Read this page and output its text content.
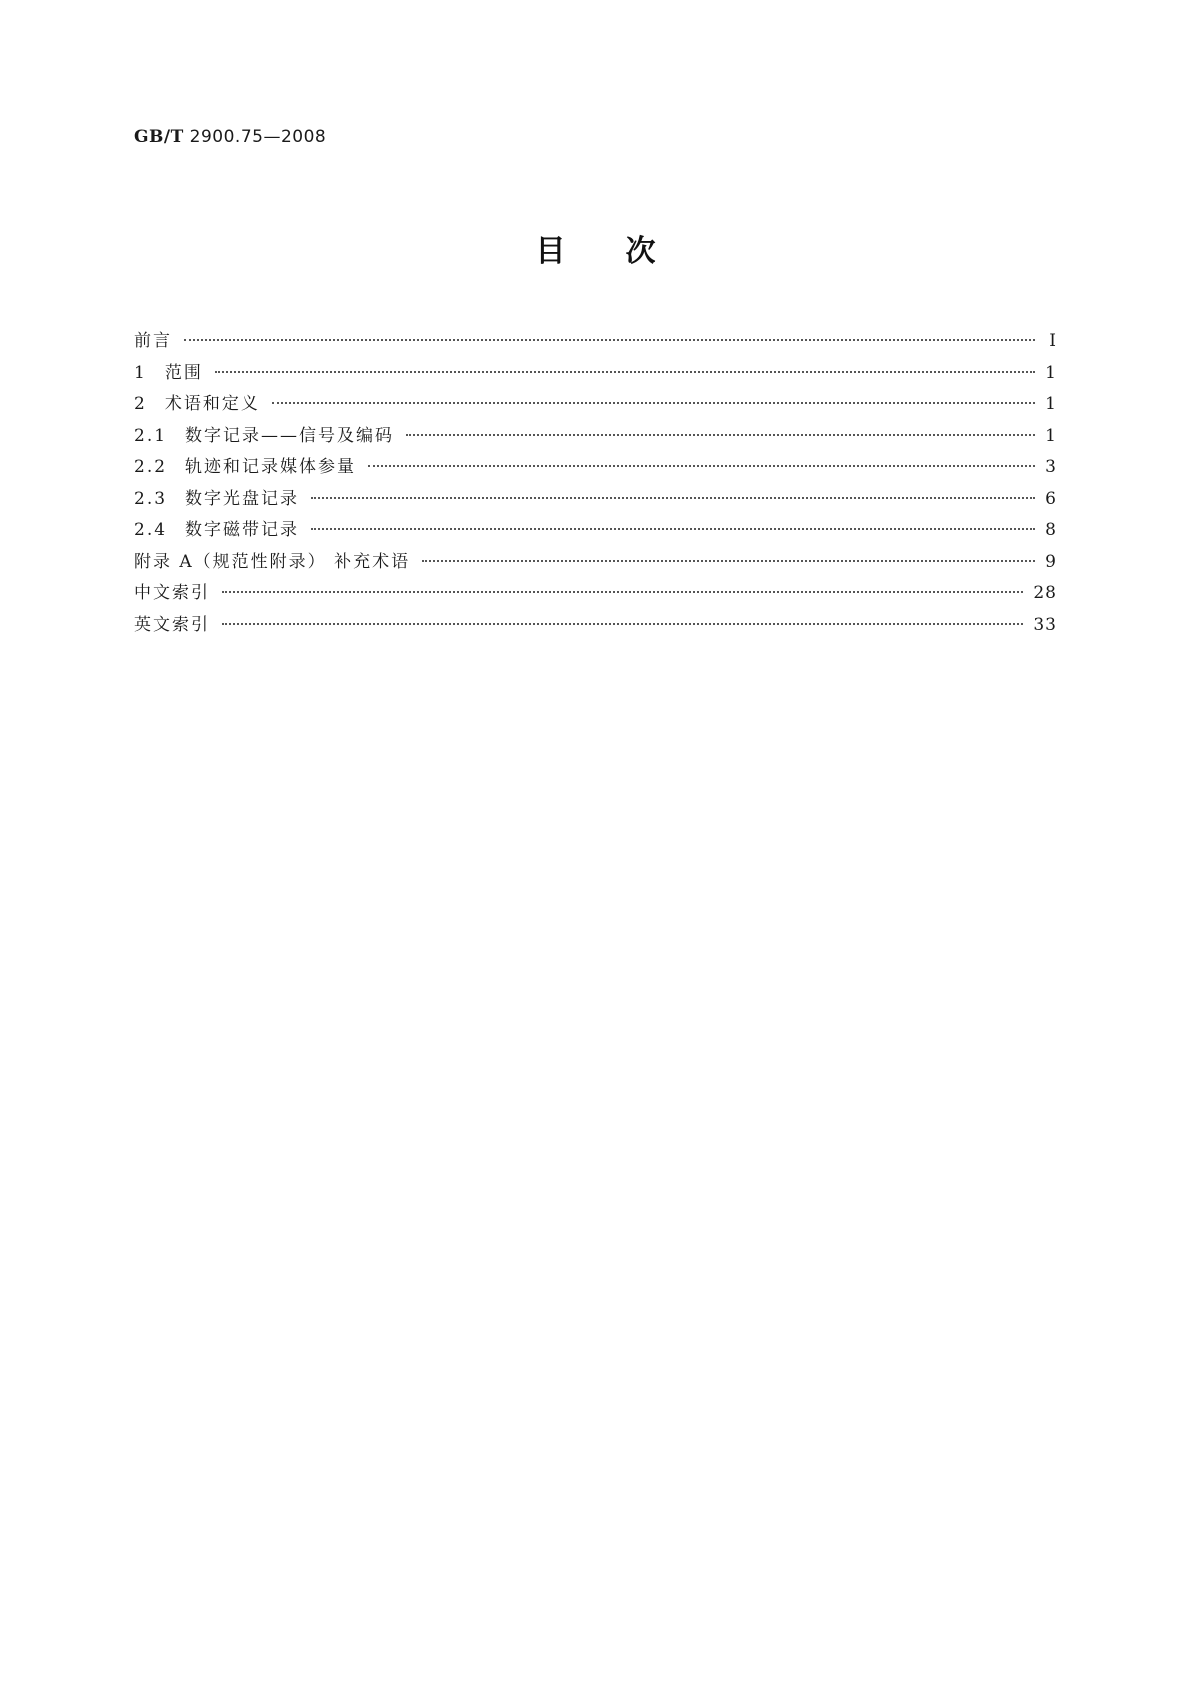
GB/T 2900.75—2008
目次
前言	Ⅰ
1 范围	1
2 术语和定义	1
2.1 数字记录——信号及编码	1
2.2 轨迹和记录媒体参量	3
2.3 数字光盘记录	6
2.4 数字磁带记录	8
附录 A（规范性附录） 补充术语	9
中文索引	28
英文索引	33
